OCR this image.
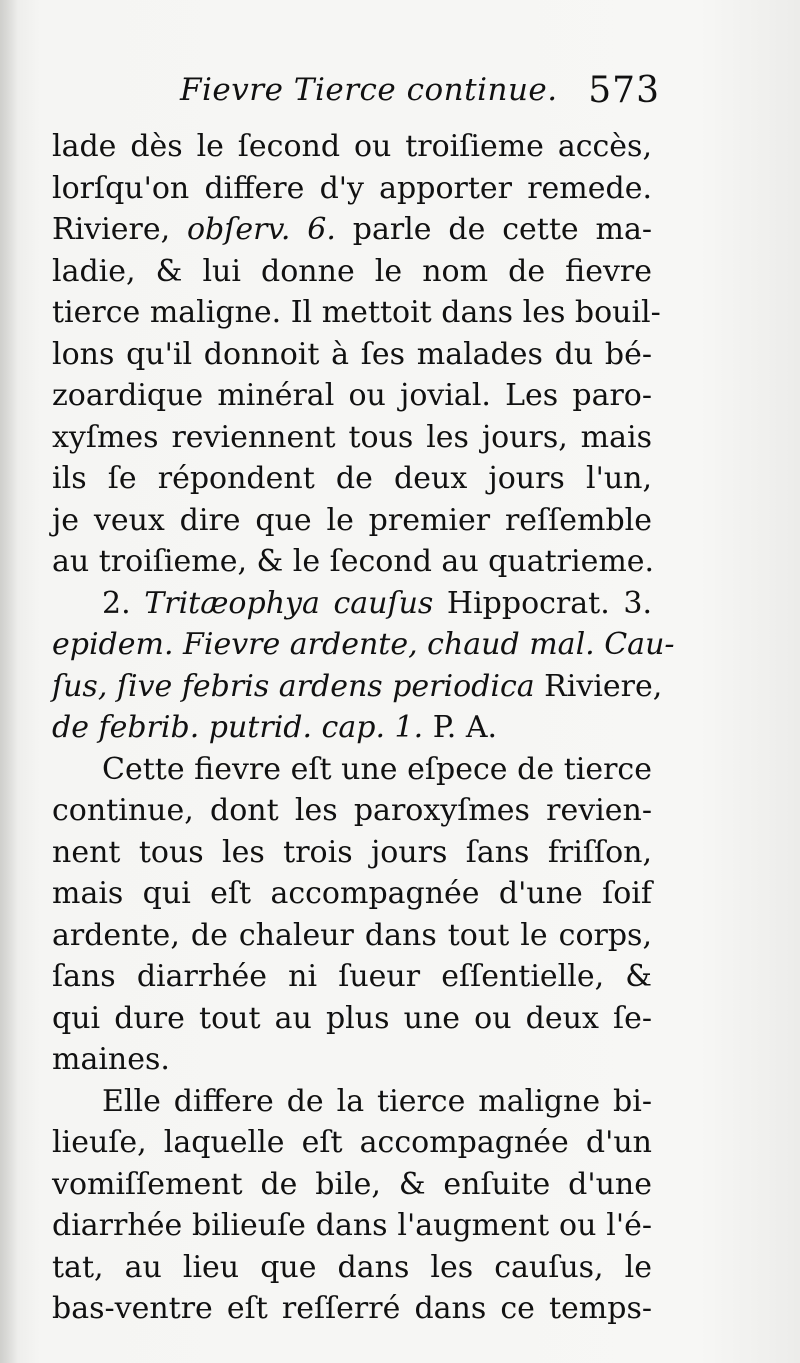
Fievre Tierce continue. 573
lade dès le ſecond ou troiſieme accès,
lorſqu'on differe d'y apporter remede.
Riviere, obſerv. 6. parle de cette ma-
ladie, & lui donne le nom de fievre
tierce maligne. Il mettoit dans les bouil-
lons qu'il donnoit à ſes malades du bé-
zoardique minéral ou jovial. Les paro-
xyſmes reviennent tous les jours, mais
ils ſe répondent de deux jours l'un,
je veux dire que le premier reſſemble
au troiſieme, & le ſecond au quatrieme.
2. Tritæophya cauſus Hippocrat. 3.
epidem. Fievre ardente, chaud mal. Cau-
ſus, ſive febris ardens periodica Riviere,
de febrib. putrid. cap. 1. P. A.
Cette fievre eſt une eſpece de tierce
continue, dont les paroxyſmes revien-
nent tous les trois jours ſans friſſon,
mais qui eſt accompagnée d'une ſoif
ardente, de chaleur dans tout le corps,
ſans diarrhée ni ſueur eſſentielle, &
qui dure tout au plus une ou deux ſe-
maines.
Elle differe de la tierce maligne bi-
lieuſe, laquelle eſt accompagnée d'un
vomiſſement de bile, & enſuite d'une
diarrhée bilieuſe dans l'augment ou l'é-
tat, au lieu que dans les cauſus, le
bas-ventre eſt reſſerré dans ce temps-
